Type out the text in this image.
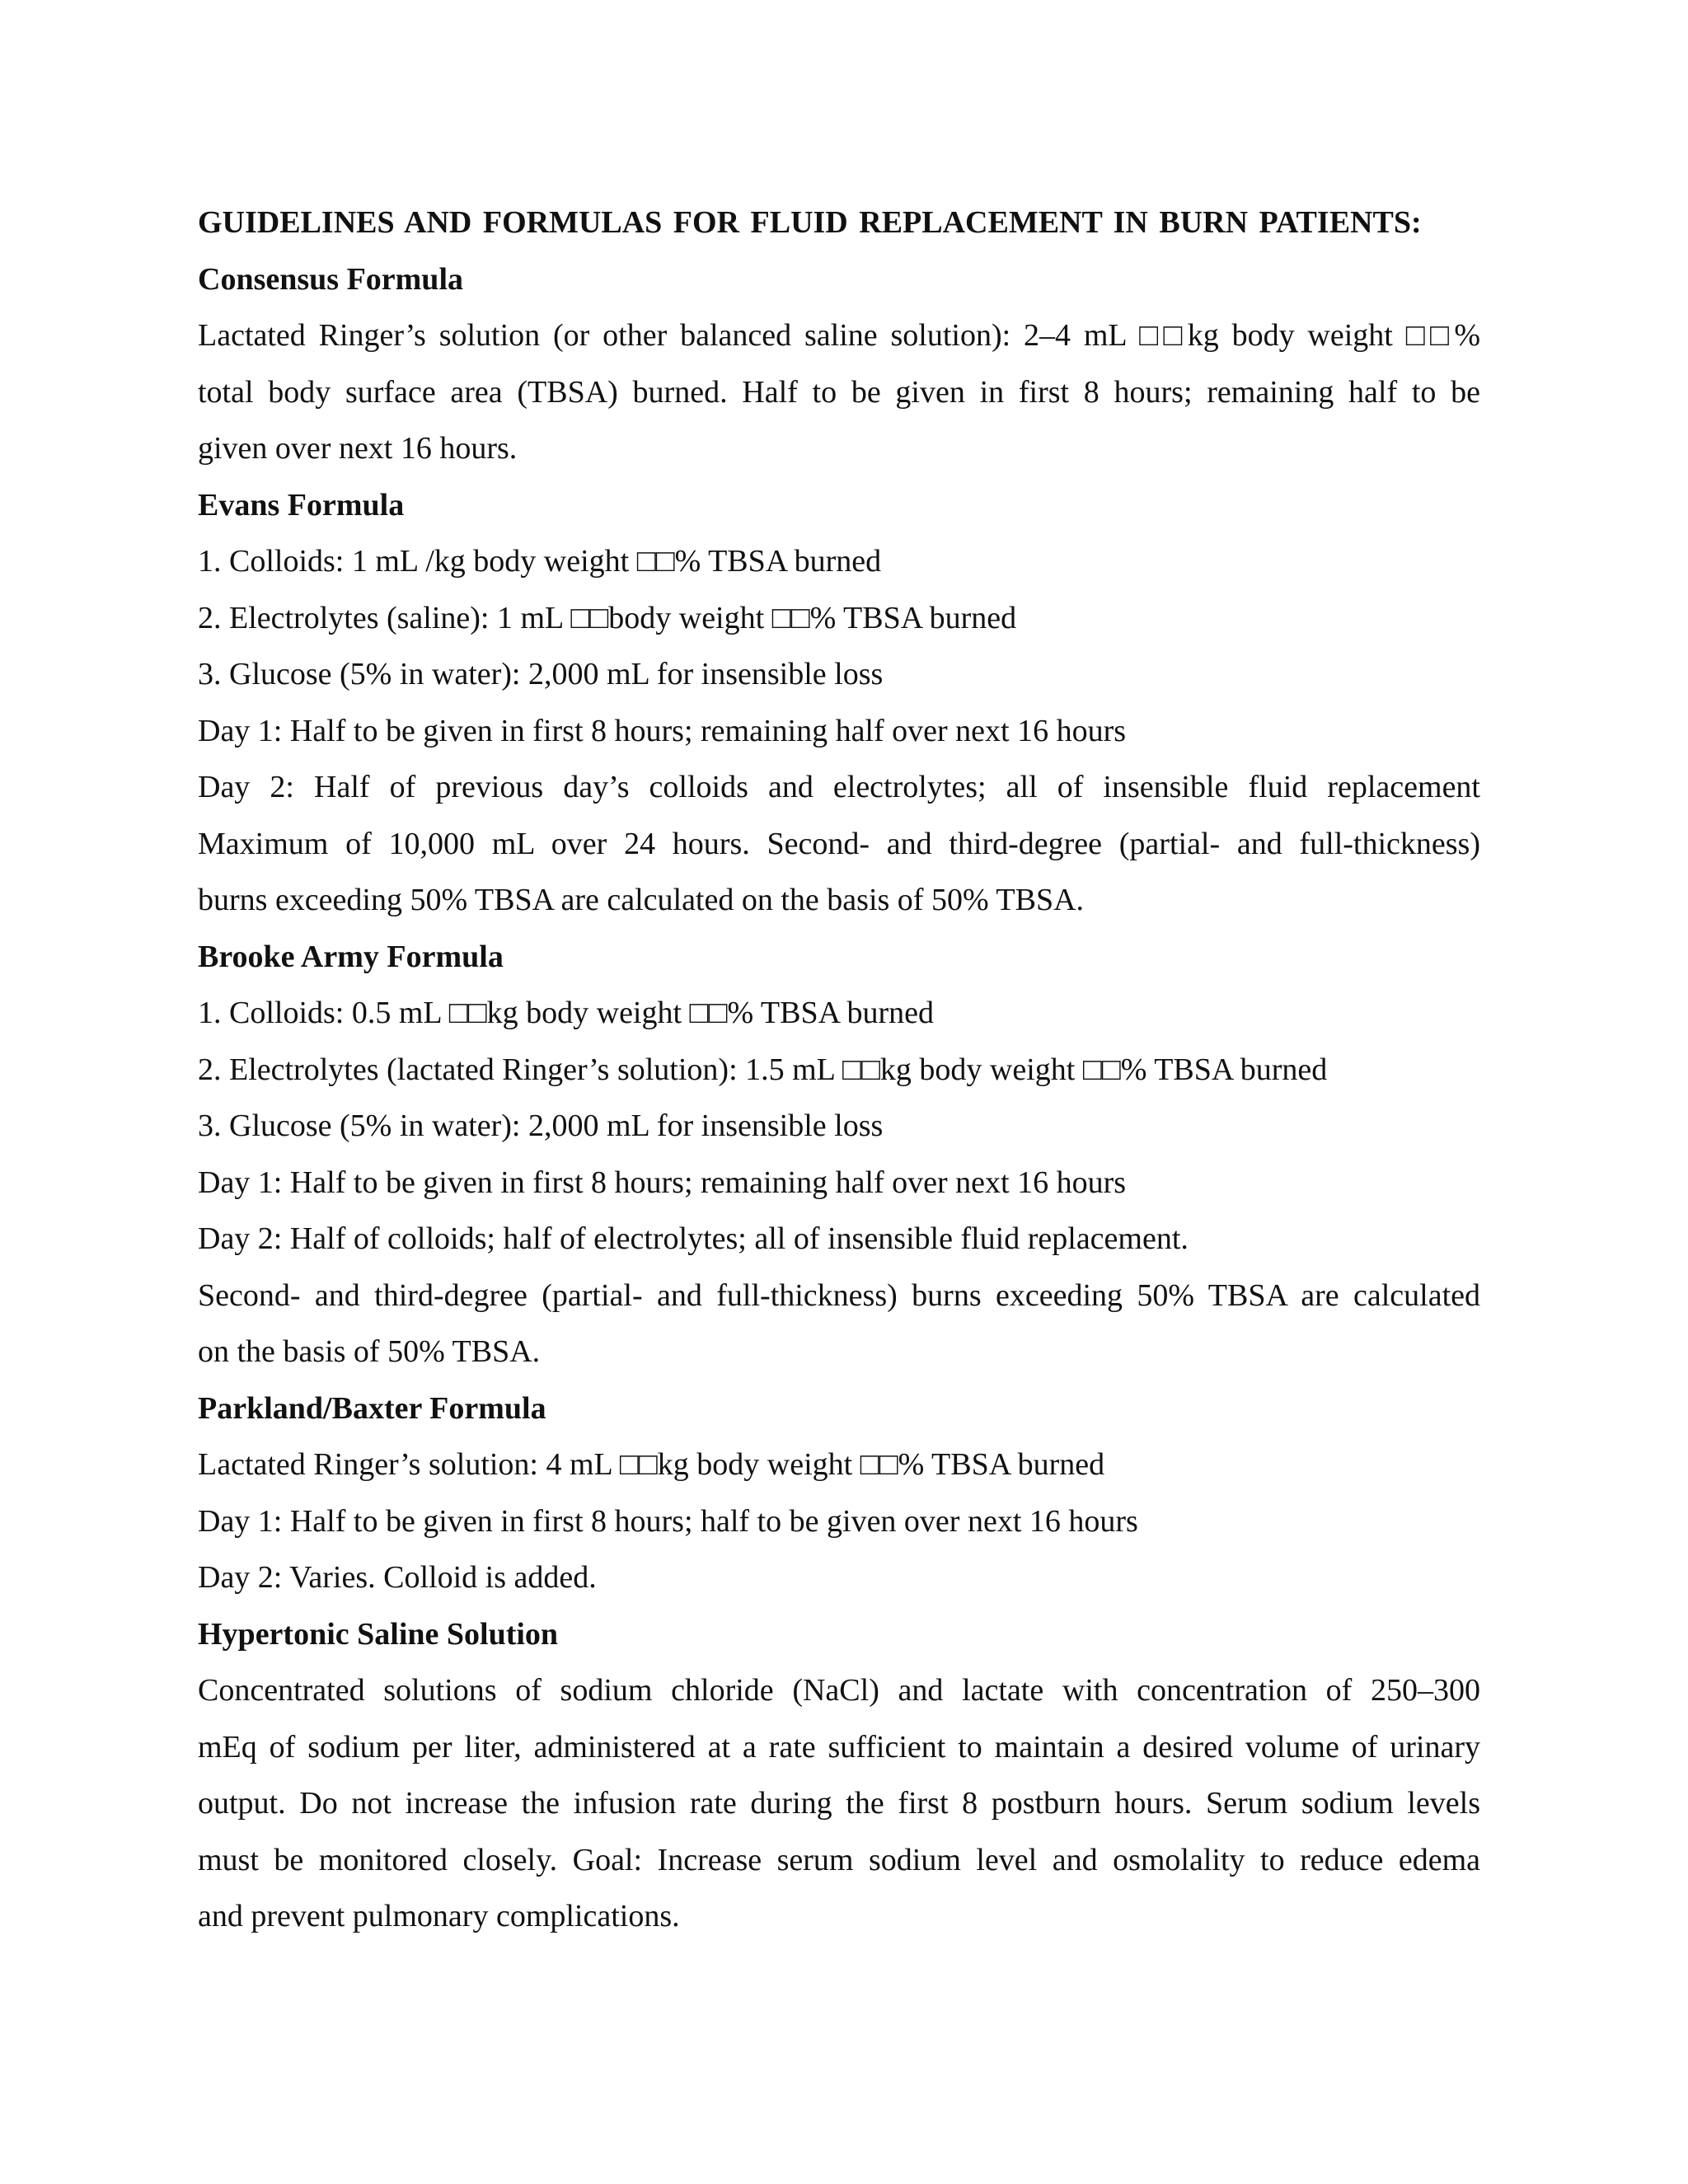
GUIDELINES AND FORMULAS FOR FLUID REPLACEMENT IN BURN PATIENTS:
Consensus Formula
Lactated Ringer’s solution (or other balanced saline solution): 2–4 mL □□kg body weight □□%
total body surface area (TBSA) burned. Half to be given in first 8 hours; remaining half to be
given over next 16 hours.
Evans Formula
1. Colloids: 1 mL /kg body weight □□% TBSA burned
2. Electrolytes (saline): 1 mL □□body weight □□% TBSA burned
3. Glucose (5% in water): 2,000 mL for insensible loss
Day 1: Half to be given in first 8 hours; remaining half over next 16 hours
Day 2: Half of previous day’s colloids and electrolytes; all of insensible fluid replacement
Maximum of 10,000 mL over 24 hours. Second- and third-degree (partial- and full-thickness)
burns exceeding 50% TBSA are calculated on the basis of 50% TBSA.
Brooke Army Formula
1. Colloids: 0.5 mL □□kg body weight □□% TBSA burned
2. Electrolytes (lactated Ringer’s solution): 1.5 mL □□kg body weight □□% TBSA burned
3. Glucose (5% in water): 2,000 mL for insensible loss
Day 1: Half to be given in first 8 hours; remaining half over next 16 hours
Day 2: Half of colloids; half of electrolytes; all of insensible fluid replacement.
Second- and third-degree (partial- and full-thickness) burns exceeding 50% TBSA are calculated
on the basis of 50% TBSA.
Parkland/Baxter Formula
Lactated Ringer’s solution: 4 mL □□kg body weight □□% TBSA burned
Day 1: Half to be given in first 8 hours; half to be given over next 16 hours
Day 2: Varies. Colloid is added.
Hypertonic Saline Solution
Concentrated solutions of sodium chloride (NaCl) and lactate with concentration of 250–300
mEq of sodium per liter, administered at a rate sufficient to maintain a desired volume of urinary
output. Do not increase the infusion rate during the first 8 postburn hours. Serum sodium levels
must be monitored closely. Goal: Increase serum sodium level and osmolality to reduce edema
and prevent pulmonary complications.
